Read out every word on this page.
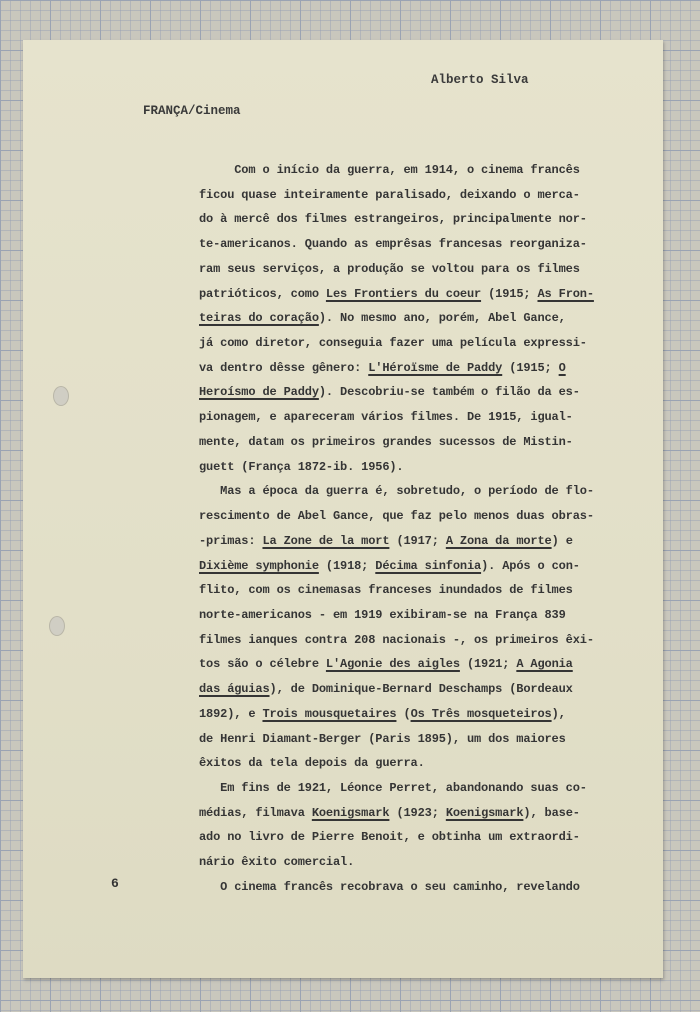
Alberto Silva
FRANÇA/Cinema
Com o início da guerra, em 1914, o cinema francês
ficou quase inteiramente paralisado, deixando o merca-
do à mercê dos filmes estrangeiros, principalmente nor-
te-americanos. Quando as emprêsas francesas reorganiza-
ram seus serviços, a produção se voltou para os filmes
patrióticos, como Les Frontiers du coeur (1915; As Fron-
teiras do coração). No mesmo ano, porém, Abel Gance,
já como diretor, conseguia fazer uma película expressi-
va dentro dêsse gênero: L'Héroïsme de Paddy (1915; O
Heroísmo de Paddy). Descobriu-se também o filão da es-
pionagem, e apareceram vários filmes. De 1915, igual-
mente, datam os primeiros grandes sucessos de Mistin-
guett (França 1872-ib. 1956).
Mas a época da guerra é, sobretudo, o período de flo-
rescimento de Abel Gance, que faz pelo menos duas obras-
-primas: La Zone de la mort (1917; A Zona da morte) e
Dixième symphonie (1918; Décima sinfonia). Após o con-
flito, com os cinemasas franceses inundados de filmes
norte-americanos - em 1919 exibiram-se na França 839
filmes ianques contra 208 nacionais -, os primeiros êxi-
tos são o célebre L'Agonie des aigles (1921; A Agonia
das águias), de Dominique-Bernard Deschamps (Bordeaux
1892), e Trois mousquetaires (Os Três mosqueteiros),
de Henri Diamant-Berger (Paris 1895), um dos maiores
êxitos da tela depois da guerra.
Em fins de 1921, Léonce Perret, abandonando suas co-
médias, filmava Koenigsmark (1923; Koenigsmark), base-
ado no livro de Pierre Benoit, e obtinha um extraordi-
nário êxito comercial.
O cinema francês recobrava o seu caminho, revelando
6
